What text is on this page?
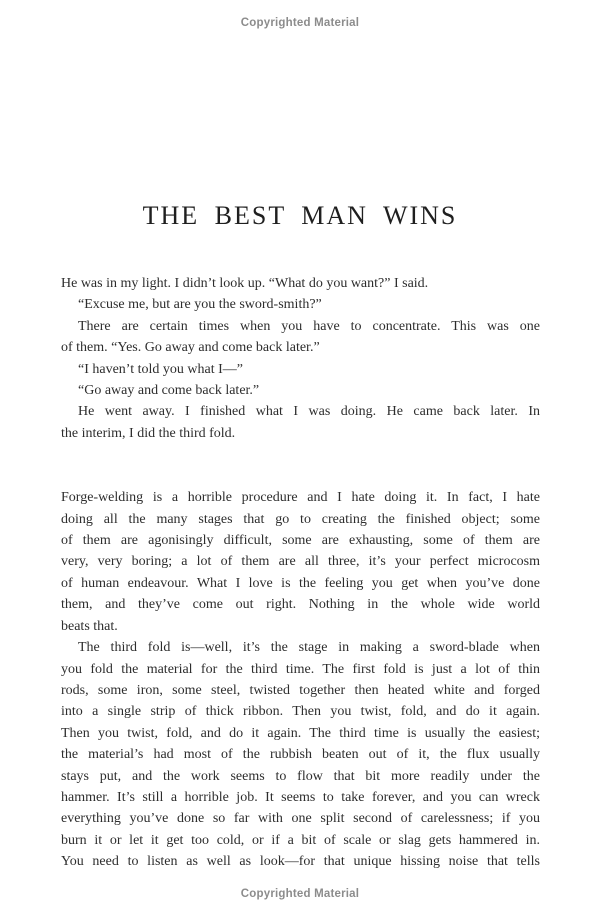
Copyrighted Material
THE BEST MAN WINS
He was in my light. I didn’t look up. “What do you want?” I said.
“Excuse me, but are you the sword-smith?”
There are certain times when you have to concentrate. This was one
of them. “Yes. Go away and come back later.”
“I haven’t told you what I—”
“Go away and come back later.”
He went away. I finished what I was doing. He came back later. In
the interim, I did the third fold.
Forge-welding is a horrible procedure and I hate doing it. In fact, I hate
doing all the many stages that go to creating the finished object; some
of them are agonisingly difficult, some are exhausting, some of them are
very, very boring; a lot of them are all three, it’s your perfect microcosm
of human endeavour. What I love is the feeling you get when you’ve done
them, and they’ve come out right. Nothing in the whole wide world
beats that.
The third fold is—well, it’s the stage in making a sword-blade when
you fold the material for the third time. The first fold is just a lot of thin
rods, some iron, some steel, twisted together then heated white and forged
into a single strip of thick ribbon. Then you twist, fold, and do it again.
Then you twist, fold, and do it again. The third time is usually the easiest;
the material’s had most of the rubbish beaten out of it, the flux usually
stays put, and the work seems to flow that bit more readily under the
hammer. It’s still a horrible job. It seems to take forever, and you can wreck
everything you’ve done so far with one split second of carelessness; if you
burn it or let it get too cold, or if a bit of scale or slag gets hammered in.
You need to listen as well as look—for that unique hissing noise that tells
Copyrighted Material
